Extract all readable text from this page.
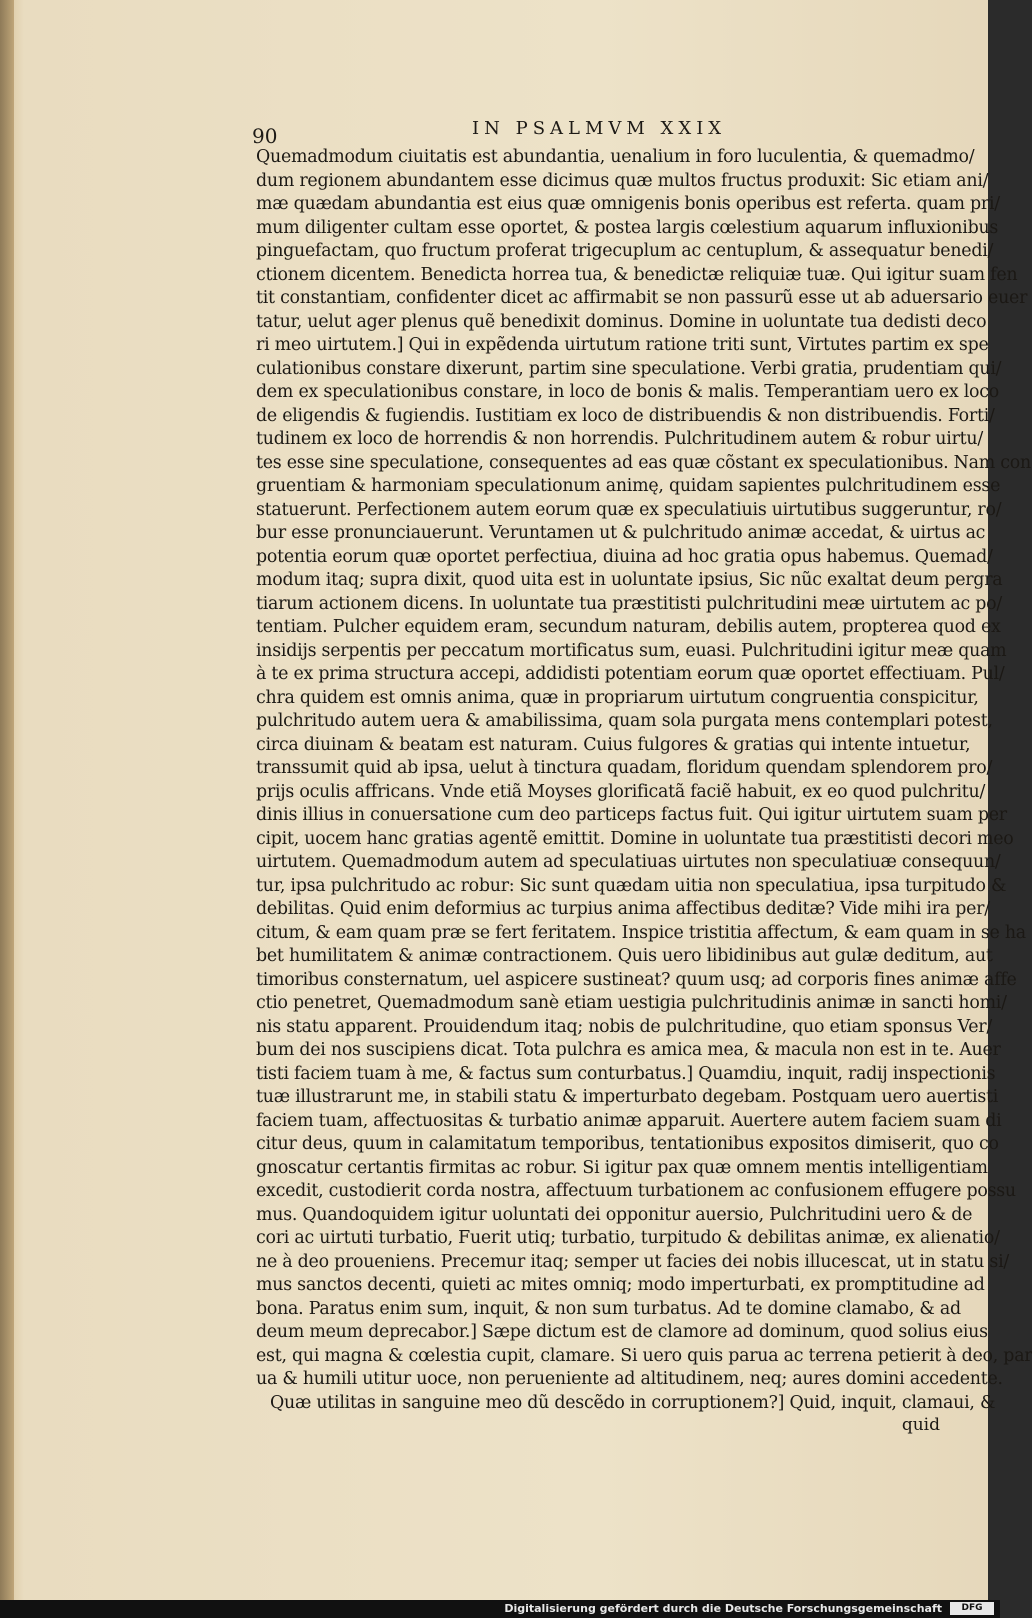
90	IN PSALMVM XXIX
Quemadmodum ciuitatis est abundantia, uenalium in foro luculentia, & quemadmo/
dum regionem abundantem esse dicimus quæ multos fructus produxit: Sic etiam ani/
mæ quædam abundantia est eius quæ omnigenis bonis operibus est referta. quam pri/
mum diligenter cultam esse oportet, & postea largis cœlestium aquarum influxionibus
pinguefactam, quo fructum proferat trigecuplum ac centuplum, & assequatur benedi/
ctionem dicentem. Benedicta horrea tua, & benedictæ reliquiæ tuæ. Qui igitur suam fen
tit constantiam, confidenter dicet ac affirmabit se non passurũ esse ut ab aduersario euer
tatur, uelut ager plenus quẽ benedixit dominus. Domine in uoluntate tua dedisti deco
ri meo uirtutem.] Qui in expẽdenda uirtutum ratione triti sunt, Virtutes partim ex spe
culationibus constare dixerunt, partim sine speculatione. Verbi gratia, prudentiam qui/
dem ex speculationibus constare, in loco de bonis & malis. Temperantiam uero ex loco
de eligendis & fugiendis. Iustitiam ex loco de distribuendis & non distribuendis. Forti/
tudinem ex loco de horrendis & non horrendis. Pulchritudinem autem & robur uirtu/
tes esse sine speculatione, consequentes ad eas quæ cõstant ex speculationibus. Nam con
gruentiam & harmoniam speculationum animę, quidam sapientes pulchritudinem esse
statuerunt. Perfectionem autem eorum quæ ex speculatiuis uirtutibus suggeruntur, ro/
bur esse pronunciauerunt. Veruntamen ut & pulchritudo animæ accedat, & uirtus ac
potentia eorum quæ oportet perfectiua, diuina ad hoc gratia opus habemus. Quemad/
modum itaq; supra dixit, quod uita est in uoluntate ipsius, Sic nũc exaltat deum pergra
tiarum actionem dicens. In uoluntate tua præstitisti pulchritudini meæ uirtutem ac po/
tentiam. Pulcher equidem eram, secundum naturam, debilis autem, propterea quod ex
insidijs serpentis per peccatum mortificatus sum, euasi. Pulchritudini igitur meæ quam
à te ex prima structura accepi, addidisti potentiam eorum quæ oportet effectiuam. Pul/
chra quidem est omnis anima, quæ in propriarum uirtutum congruentia conspicitur,
pulchritudo autem uera & amabilissima, quam sola purgata mens contemplari potest,
circa diuinam & beatam est naturam. Cuius fulgores & gratias qui intente intuetur,
transsumit quid ab ipsa, uelut à tinctura quadam, floridum quendam splendorem pro/
prijs oculis affricans. Vnde etiã Moyses glorificatã faciẽ habuit, ex eo quod pulchritu/
dinis illius in conuersatione cum deo particeps factus fuit. Qui igitur uirtutem suam per
cipit, uocem hanc gratias agentẽ emittit. Domine in uoluntate tua præstitisti decori meo
uirtutem. Quemadmodum autem ad speculatiuas uirtutes non speculatiuæ consequun/
tur, ipsa pulchritudo ac robur: Sic sunt quædam uitia non speculatiua, ipsa turpitudo &
debilitas. Quid enim deformius ac turpius anima affectibus deditæ? Vide mihi ira per/
citum, & eam quam præ se fert feritatem. Inspice tristitia affectum, & eam quam in se ha
bet humilitatem & animæ contractionem. Quis uero libidinibus aut gulæ deditum, aut
timoribus consternatum, uel aspicere sustineat? quum usq; ad corporis fines animæ affe
ctio penetret, Quemadmodum sanè etiam uestigia pulchritudinis animæ in sancti homi/
nis statu apparent. Prouidendum itaq; nobis de pulchritudine, quo etiam sponsus Ver/
bum dei nos suscipiens dicat. Tota pulchra es amica mea, & macula non est in te. Auer
tisti faciem tuam à me, & factus sum conturbatus.] Quamdiu, inquit, radij inspectionis
tuæ illustrarunt me, in stabili statu & imperturbato degebam. Postquam uero auertisti
faciem tuam, affectuositas & turbatio animæ apparuit. Auertere autem faciem suam di
citur deus, quum in calamitatum temporibus, tentationibus expositos dimiserit, quo co
gnoscatur certantis firmitas ac robur. Si igitur pax quæ omnem mentis intelligentiam
excedit, custodierit corda nostra, affectuum turbationem ac confusionem effugere possu
mus. Quandoquidem igitur uoluntati dei opponitur auersio, Pulchritudini uero & de
cori ac uirtuti turbatio, Fuerit utiq; turbatio, turpitudo & debilitas animæ, ex alienatio/
ne à deo proueniens. Precemur itaq; semper ut facies dei nobis illucescat, ut in statu si/
mus sanctos decenti, quieti ac mites omniq; modo imperturbati, ex promptitudine ad
bona. Paratus enim sum, inquit, & non sum turbatus. Ad te domine clamabo, & ad
deum meum deprecabor.] Sæpe dictum est de clamore ad dominum, quod solius eius
est, qui magna & cœlestia cupit, clamare. Si uero quis parua ac terrena petierit à deo, par
ua & humili utitur uoce, non perueniente ad altitudinem, neq; aures domini accedente.
Quæ utilitas in sanguine meo dũ descẽdo in corruptionem?] Quid, inquit, clamaui, &
quid
Digitalisierung gefördert durch die Deutsche Forschungsgemeinschaft	DFG
